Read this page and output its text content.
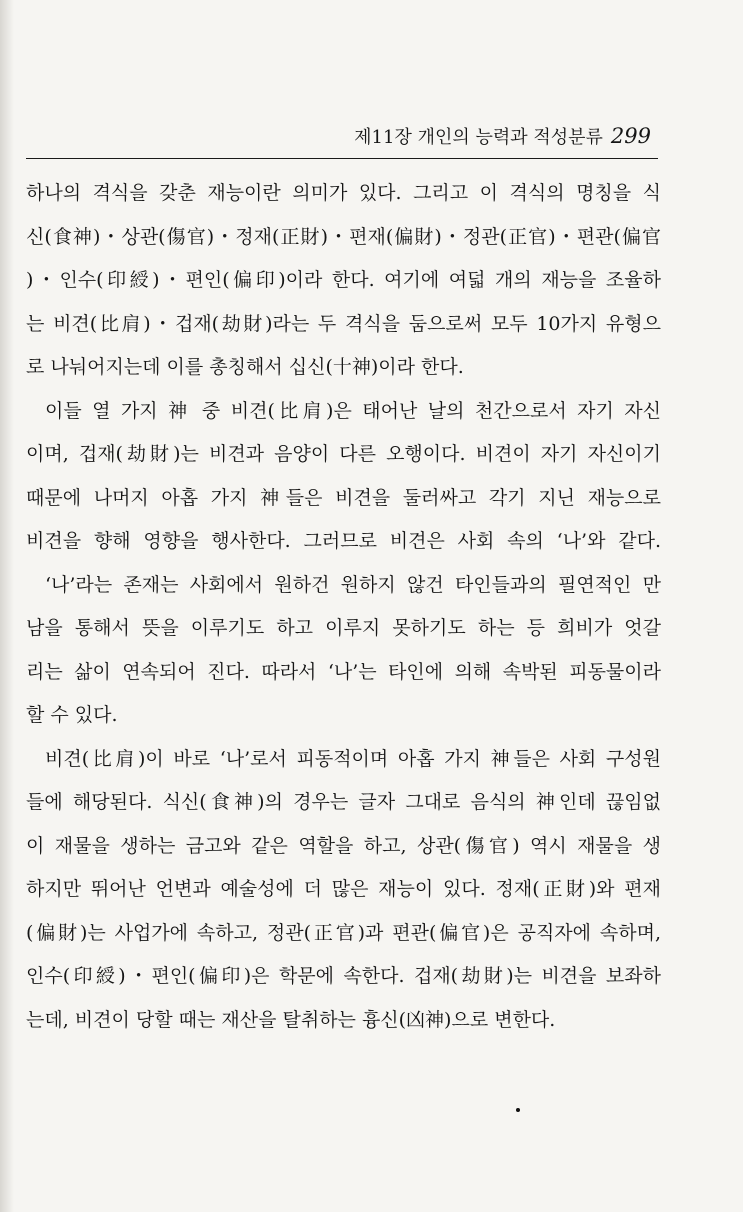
제11장 개인의 능력과 적성분류 299
하나의 격식을 갖춘 재능이란 의미가 있다. 그리고 이 격식의 명칭을 식
신(食神)・상관(傷官)・정재(正財)・편재(偏財)・정관(正官)・편관(偏官
)・인수(印綬)・편인(偏印)이라 한다. 여기에 여덟 개의 재능을 조율하
는 비견(比肩)・겁재(劫財)라는 두 격식을 둠으로써 모두 10가지 유형으
로 나눠어지는데 이를 총칭해서 십신(十神)이라 한다.
이들 열 가지 神 중 비견(比肩)은 태어난 날의 천간으로서 자기 자신
이며, 겁재(劫財)는 비견과 음양이 다른 오행이다. 비견이 자기 자신이기
때문에 나머지 아홉 가지 神들은 비견을 둘러싸고 각기 지닌 재능으로
비견을 향해 영향을 행사한다. 그러므로 비견은 사회 속의 ‘나’와 같다.
‘나’라는 존재는 사회에서 원하건 원하지 않건 타인들과의 필연적인 만
남을 통해서 뜻을 이루기도 하고 이루지 못하기도 하는 등 희비가 엇갈
리는 삶이 연속되어 진다. 따라서 ‘나’는 타인에 의해 속박된 피동물이라
할 수 있다.
비견(比肩)이 바로 ‘나’로서 피동적이며 아홉 가지 神들은 사회 구성원
들에 해당된다. 식신(食神)의 경우는 글자 그대로 음식의 神인데 끊임없
이 재물을 생하는 금고와 같은 역할을 하고, 상관(傷官) 역시 재물을 생
하지만 뛰어난 언변과 예술성에 더 많은 재능이 있다. 정재(正財)와 편재
(偏財)는 사업가에 속하고, 정관(正官)과 편관(偏官)은 공직자에 속하며,
인수(印綬)・편인(偏印)은 학문에 속한다. 겁재(劫財)는 비견을 보좌하
는데, 비견이 당할 때는 재산을 탈취하는 흉신(凶神)으로 변한다.
